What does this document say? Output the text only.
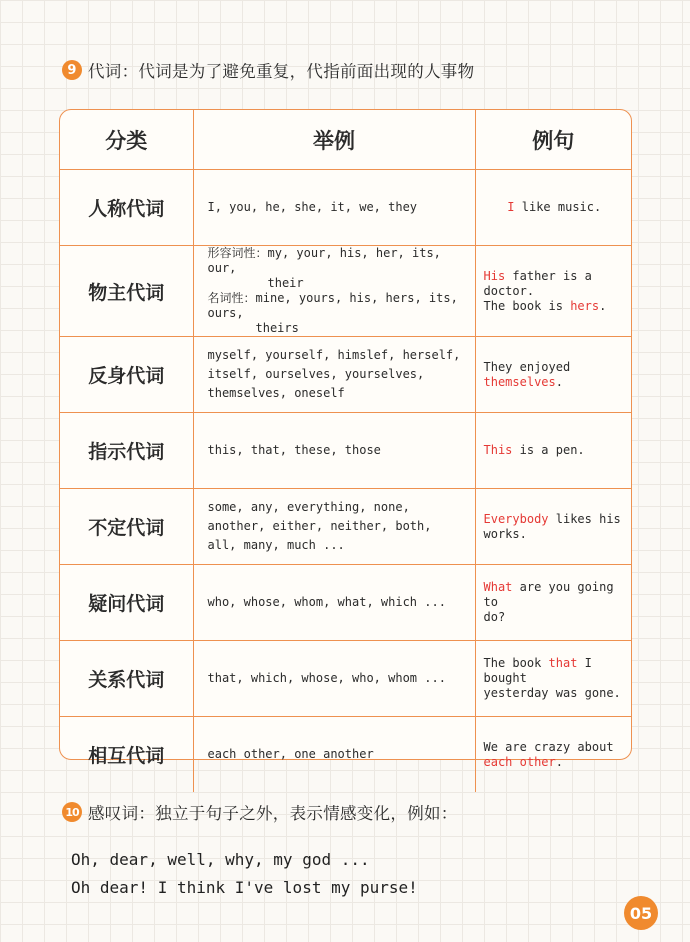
9 代词：代词是为了避免重复，代指前面出现的人事物
分类	举例	例句
人称代词	I, you, he, she, it, we, they	I like music.
物主代词	形容词性：my, your, his, her, its, our,
their
名词性：mine, yours, his, hers, its, ours,
theirs	His father is a doctor.
The book is hers.
反身代词	myself, yourself, himslef, herself,
itself, ourselves, yourselves,
themselves, oneself	They enjoyed
themselves.
指示代词	this, that, these, those	This is a pen.
不定代词	some, any, everything, none,
another, either, neither, both,
all, many, much ...	Everybody likes his
works.
疑问代词	who, whose, whom, what, which ...	What are you going to
do?
关系代词	that, which, whose, who, whom ...	The book that I bought
yesterday was gone.
相互代词	each other, one another	We are crazy about
each other.
10 感叹词：独立于句子之外，表示情感变化，例如：
Oh, dear, well, why, my god ...
Oh dear! I think I've lost my purse!
05
